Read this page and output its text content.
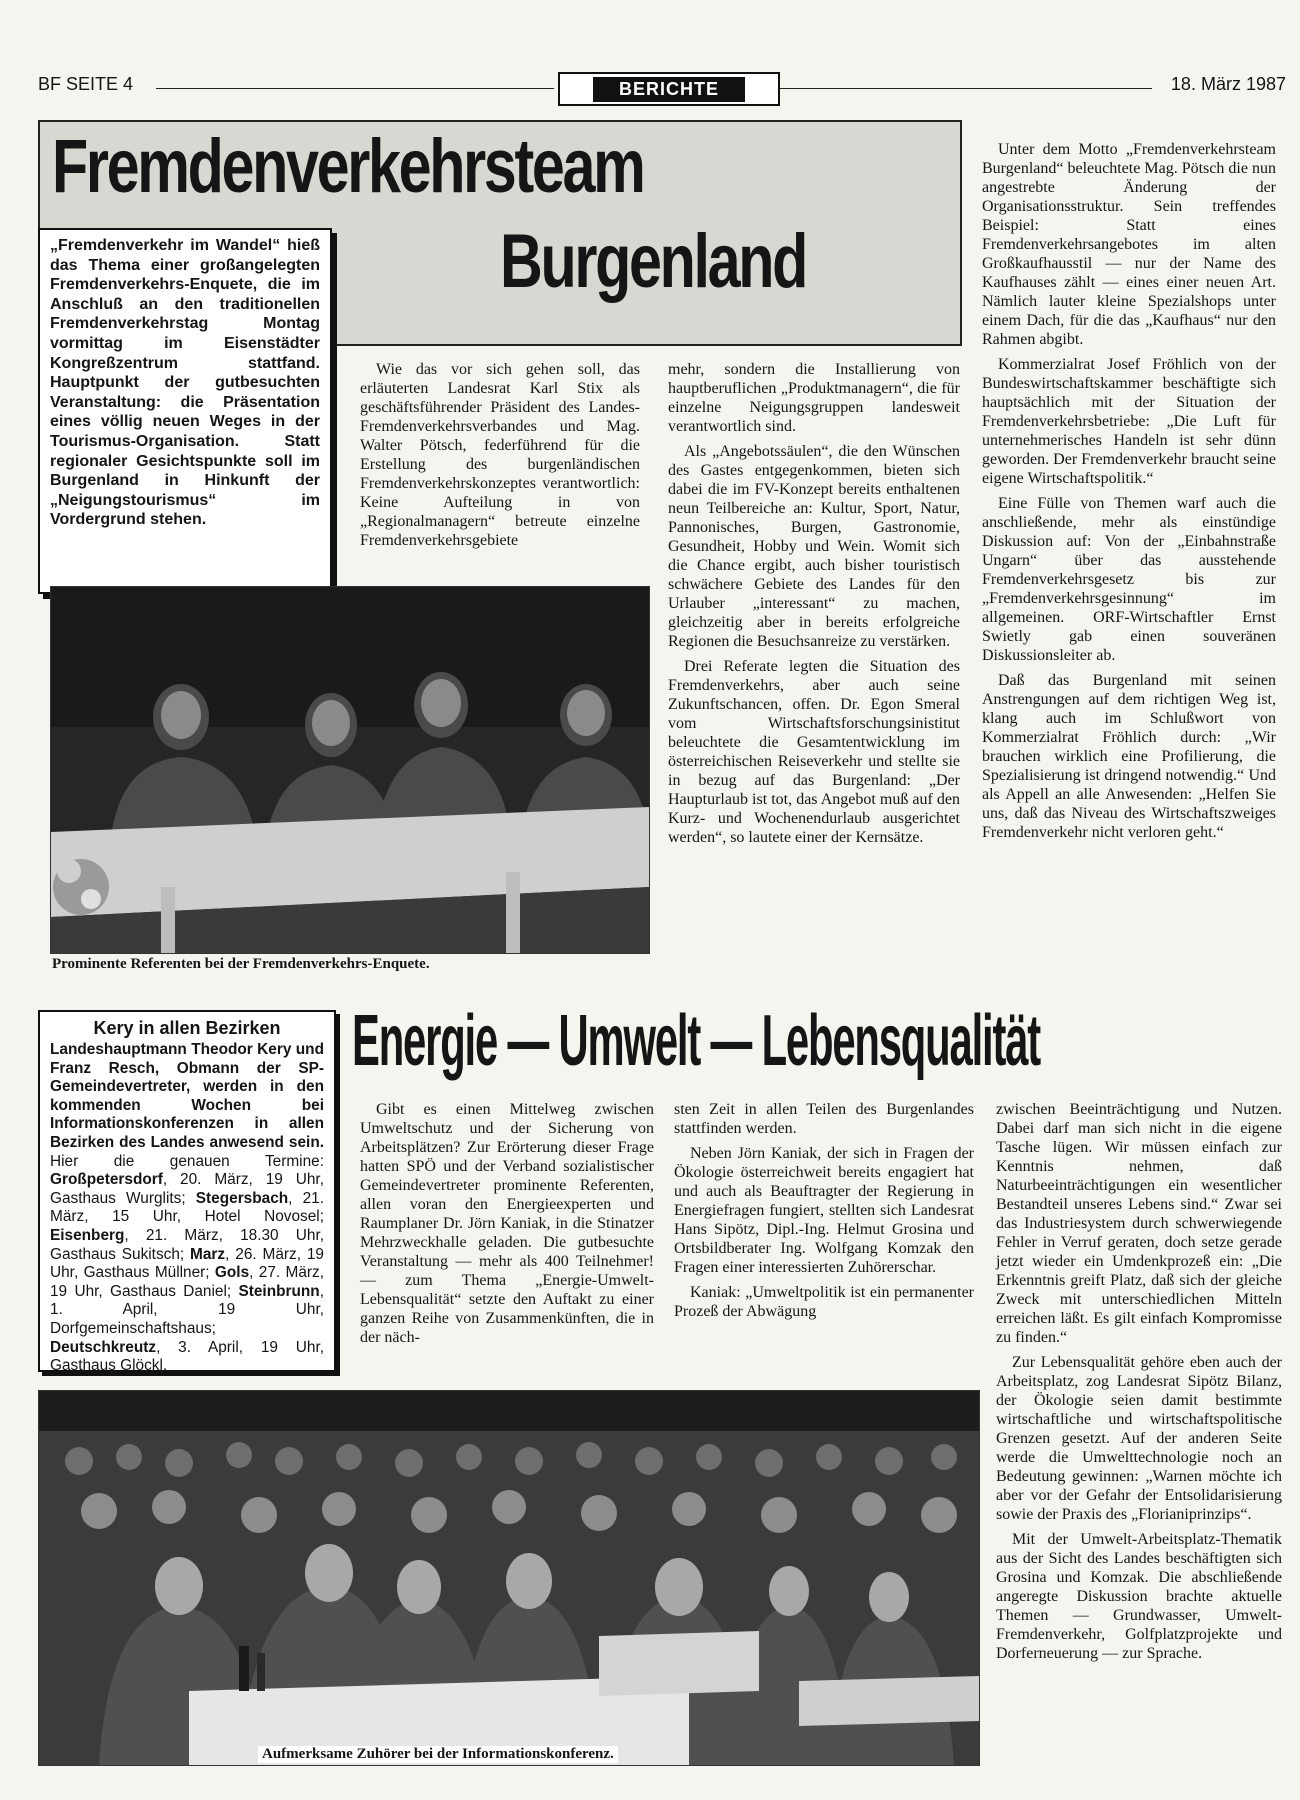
BF SEITE 4	BERICHTE	18. März 1987
Fremdenverkehrsteam
Burgenland
„Fremdenverkehr im Wandel“ hieß das Thema einer großangelegten Fremdenverkehrs-Enquete, die im Anschluß an den traditionellen Fremdenverkehrstag Montag vormittag im Eisenstädter Kongreßzentrum stattfand. Hauptpunkt der gutbesuchten Veranstaltung: die Präsentation eines völlig neuen Weges in der Tourismus-Organisation. Statt regionaler Gesichtspunkte soll im Burgenland in Hinkunft der „Neigungstourismus“ im Vordergrund stehen.

Wie das vor sich gehen soll, das erläuterten Landesrat Karl Stix als geschäftsführender Präsident des Landes-Fremdenverkehrsverbandes und Mag. Walter Pötsch, federführend für die Erstellung des burgenländischen Fremdenverkehrskonzeptes verantwortlich: Keine Aufteilung in von „Regionalmanagern“ betreute einzelne Fremdenverkehrsgebiete

mehr, sondern die Installierung von hauptberuflichen „Produktmanagern“, die für einzelne Neigungsgruppen landesweit verantwortlich sind.

Als „Angebotssäulen“, die den Wünschen des Gastes entgegenkommen, bieten sich dabei die im FV-Konzept bereits enthaltenen neun Teilbereiche an: Kultur, Sport, Natur, Pannonisches, Burgen, Gastronomie, Gesundheit, Hobby und Wein. Womit sich die Chance ergibt, auch bisher touristisch schwächere Gebiete des Landes für den Urlauber „interessant“ zu machen, gleichzeitig aber in bereits erfolgreiche Regionen die Besuchsanreize zu verstärken.

Drei Referate legten die Situation des Fremdenverkehrs, aber auch seine Zukunftschancen, offen. Dr. Egon Smeral vom Wirtschaftsforschungsinistitut beleuchtete die Gesamtentwicklung im österreichischen Reiseverkehr und stellte sie in bezug auf das Burgenland: „Der Haupturlaub ist tot, das Angebot muß auf den Kurz- und Wochenendurlaub ausgerichtet werden“, so lautete einer der Kernsätze.

Unter dem Motto „Fremdenverkehrsteam Burgenland“ beleuchtete Mag. Pötsch die nun angestrebte Änderung der Organisationsstruktur. Sein treffendes Beispiel: Statt eines Fremdenverkehrsangebotes im alten Großkaufhausstil — nur der Name des Kaufhauses zählt — eines einer neuen Art. Nämlich lauter kleine Spezialshops unter einem Dach, für die das „Kaufhaus“ nur den Rahmen abgibt.

Kommerzialrat Josef Fröhlich von der Bundeswirtschaftskammer beschäftigte sich hauptsächlich mit der Situation der Fremdenverkehrsbetriebe: „Die Luft für unternehmerisches Handeln ist sehr dünn geworden. Der Fremdenverkehr braucht seine eigene Wirtschaftspolitik.“

Eine Fülle von Themen warf auch die anschließende, mehr als einstündige Diskussion auf: Von der „Einbahnstraße Ungarn“ über das ausstehende Fremdenverkehrsgesetz bis zur „Fremdenverkehrsgesinnung“ im allgemeinen. ORF-Wirtschaftler Ernst Swietly gab einen souveränen Diskussionsleiter ab.

Daß das Burgenland mit seinen Anstrengungen auf dem richtigen Weg ist, klang auch im Schlußwort von Kommerzialrat Fröhlich durch: „Wir brauchen wirklich eine Profilierung, die Spezialisierung ist dringend notwendig.“ Und als Appell an alle Anwesenden: „Helfen Sie uns, daß das Niveau des Wirtschaftszweiges Fremdenverkehr nicht verloren geht.“

Prominente Referenten bei der Fremdenverkehrs-Enquete.
Kery in allen Bezirken

Landeshauptmann Theodor Kery und Franz Resch, Obmann der SP-Gemeindevertreter, werden in den kommenden Wochen bei Informationskonferenzen in allen Bezirken des Landes anwesend sein. Hier die genauen Termine: Großpetersdorf, 20. März, 19 Uhr, Gasthaus Wurglits; Stegersbach, 21. März, 15 Uhr, Hotel Novosel; Eisenberg, 21. März, 18.30 Uhr, Gasthaus Sukitsch; Marz, 26. März, 19 Uhr, Gasthaus Müllner; Gols, 27. März, 19 Uhr, Gasthaus Daniel; Steinbrunn, 1. April, 19 Uhr, Dorfgemeinschaftshaus; Deutschkreutz, 3. April, 19 Uhr, Gasthaus Glöckl.

Energie — Umwelt — Lebensqualität

Gibt es einen Mittelweg zwischen Umweltschutz und der Sicherung von Arbeitsplätzen? Zur Erörterung dieser Frage hatten SPÖ und der Verband sozialistischer Gemeindevertreter prominente Referenten, allen voran den Energieexperten und Raumplaner Dr. Jörn Kaniak, in die Stinatzer Mehrzweckhalle geladen. Die gutbesuchte Veranstaltung — mehr als 400 Teilnehmer! — zum Thema „Energie-Umwelt-Lebensqualität“ setzte den Auftakt zu einer ganzen Reihe von Zusammenkünften, die in der näch-

sten Zeit in allen Teilen des Burgenlandes stattfinden werden.

Neben Jörn Kaniak, der sich in Fragen der Ökologie österreichweit bereits engagiert hat und auch als Beauftragter der Regierung in Energiefragen fungiert, stellten sich Landesrat Hans Sipötz, Dipl.-Ing. Helmut Grosina und Ortsbildberater Ing. Wolfgang Komzak den Fragen einer interessierten Zuhörerschar.

Kaniak: „Umweltpolitik ist ein permanenter Prozeß der Abwägung

zwischen Beeinträchtigung und Nutzen. Dabei darf man sich nicht in die eigene Tasche lügen. Wir müssen einfach zur Kenntnis nehmen, daß Naturbeeinträchtigungen ein wesentlicher Bestandteil unseres Lebens sind.“ Zwar sei das Industriesystem durch schwerwiegende Fehler in Verruf geraten, doch setze gerade jetzt wieder ein Umdenkprozeß ein: „Die Erkenntnis greift Platz, daß sich der gleiche Zweck mit unterschiedlichen Mitteln erreichen läßt. Es gilt einfach Kompromisse zu finden.“

Zur Lebensqualität gehöre eben auch der Arbeitsplatz, zog Landesrat Sipötz Bilanz, der Ökologie seien damit bestimmte wirtschaftliche und wirtschaftspolitische Grenzen gesetzt. Auf der anderen Seite werde die Umwelttechnologie noch an Bedeutung gewinnen: „Warnen möchte ich aber vor der Gefahr der Entsolidarisierung sowie der Praxis des „Florianiprinzips“.

Mit der Umwelt-Arbeitsplatz-Thematik aus der Sicht des Landes beschäftigten sich Grosina und Komzak. Die abschließende angeregte Diskussion brachte aktuelle Themen — Grundwasser, Umwelt-Fremdenverkehr, Golfplatzprojekte und Dorferneuerung — zur Sprache.

Aufmerksame Zuhörer bei der Informationskonferenz.
